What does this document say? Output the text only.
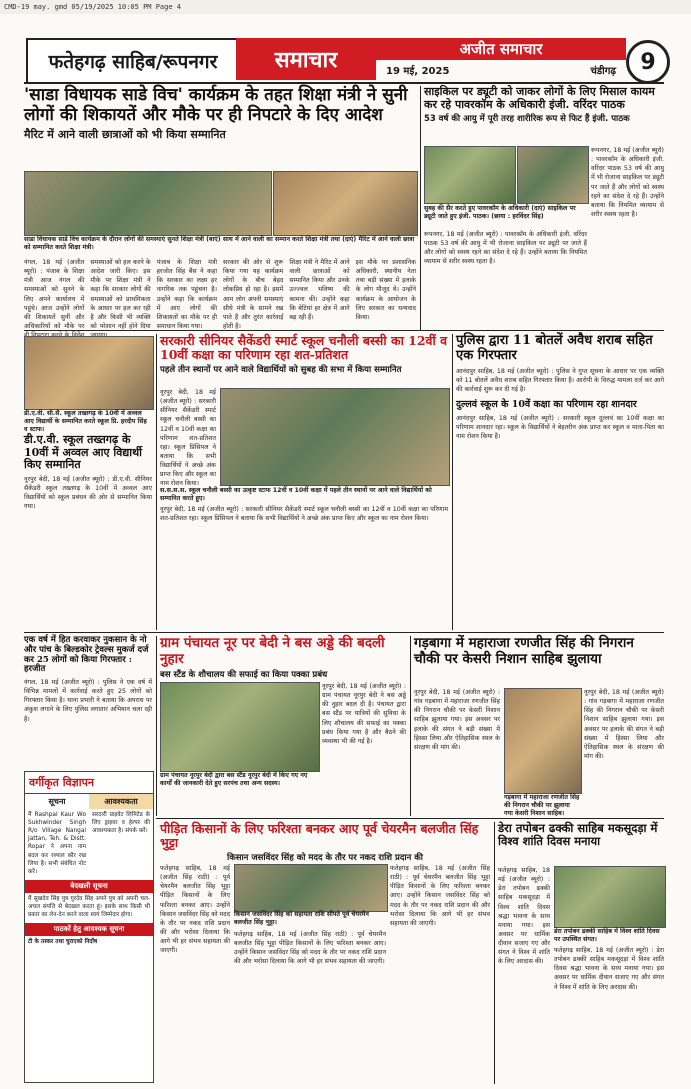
CMD-19 may. gmd 05/19/2025 10:05 PM Page 4
फतेहगढ़ साहिब/रूपनगर	समाचार	अजीत समाचार
19 मई, 2025	चंडीगढ़	9
'साडा विधायक साडे विच' कार्यक्रम के तहत शिक्षा मंत्री ने सुनी लोगों की शिकायतें और मौके पर ही निपटारे के दिए आदेश
मैरिट में आने वाली छात्राओं को भी किया सम्मानित
साडा विधायक साडे विच कार्यक्रम के दौरान लोगों की समस्याएं सुनते शिक्षा मंत्री (बाएं) साथ में आने वाली का सम्मान करते शिक्षा मंत्री तथा (दाएं) मैरिट में आने वाली छात्रा को सम्मानित करते शिक्षा मंत्री।
नंगल, 18 मई (अजीत ब्यूरो) : पंजाब के शिक्षा मंत्री आज नंगल की समस्याओं को सुनने के लिए अपने कार्यालय में पहुंचे। आज उन्होंने लोगों की शिकायतें सुनीं और अधिकारियों को मौके पर
समस्याओं को हल करने के आदेश जारी किए। इस मौके पर शिक्षा मंत्री ने कहा कि सरकार लोगों की समस्याओं को प्राथमिकता के आधार पर हल कर रही है और किसी भी व्यक्ति को परेशान नहीं होने दिया
पंजाब के शिक्षा मंत्री हरजोत सिंह बैंस ने कहा कि सरकार का लक्ष्य हर नागरिक तक पहुंचना है। उन्होंने कहा कि कार्यक्रम में आए लोगों की शिकायतों का मौके पर ही समाधान किया गया।
सरकार की ओर से शुरू किया गया यह कार्यक्रम लोगों के बीच बेहद लोकप्रिय हो रहा है। इसमें आम लोग अपनी समस्याएं सीधे मंत्री के सामने रख पाते हैं और तुरंत कार्रवाई होती है।
शिक्षा मंत्री ने मैरिट में आने वाली छात्राओं को सम्मानित किया और उनके उज्ज्वल भविष्य की कामना की। उन्होंने कहा कि बेटियां हर क्षेत्र में आगे बढ़ रही हैं।
इस मौके पर प्रशासनिक अधिकारी, स्थानीय नेता तथा बड़ी संख्या में इलाके के लोग मौजूद थे। उन्होंने कार्यक्रम के आयोजन के लिए सरकार का धन्यवाद किया।
साइकिल पर ड्यूटी को जाकर लोगों के लिए मिसाल कायम कर रहे पावरकॉम के अधिकारी इंजी. वरिंदर पाठक
53 वर्ष की आयु में पूरी तरह शारीरिक रूप से फिट हैं इंजी. पाठक
सुबह की सैर करते हुए पावरकॉम के अधिकारी (दाएं) साइकिल पर ड्यूटी जाते हुए इंजी. पाठक। (छाया : हरविंदर सिंह)
रूपनगर, 18 मई (अजीत ब्यूरो) : पावरकॉम के अधिकारी इंजी. वरिंदर पाठक 53 वर्ष की आयु में भी रोजाना साइकिल पर ड्यूटी पर जाते हैं और लोगों को स्वस्थ रहने का संदेश दे रहे हैं। उन्होंने बताया कि नियमित व्यायाम से शरीर स्वस्थ रहता है।
रूपनगर, 18 मई (अजीत ब्यूरो) : पावरकॉम के अधिकारी इंजी. वरिंदर पाठक 53 वर्ष की आयु में भी रोजाना साइकिल पर ड्यूटी पर जाते हैं और लोगों को स्वस्थ रहने का संदेश दे रहे हैं। उन्होंने बताया कि नियमित व्यायाम से शरीर स्वस्थ रहता है।
डी.ए.वी. सी.सै. स्कूल तख्तगढ़ के 10वीं में अव्वल आए विद्यार्थी के सम्मानित करते स्कूल प्रि. हरदीप सिंह व स्टाफ।
डी.ए.वी. स्कूल तख्तगढ़ के 10वीं में अव्वल आए विद्यार्थी किए सम्मानित
नूरपुर बेदी, 18 मई (अजीत ब्यूरो) : डी.ए.वी. सीनियर सैकेंडरी स्कूल तख्तगढ़ के 10वीं में अव्वल आए विद्यार्थियों को स्कूल प्रबंधन की ओर से सम्मानित किया गया।
सरकारी सीनियर सैकेंडरी स्मार्ट स्कूल चनौली बस्सी का 12वीं व 10वीं कक्षा का परिणाम रहा शत-प्रतिशत
पहले तीन स्थानों पर आने वाले विद्यार्थियों को सुबह की सभा में किया सम्मानित
नूरपुर बेदी, 18 मई (अजीत ब्यूरो) : सरकारी सीनियर सैकेंडरी स्मार्ट स्कूल चनौली बस्सी का 12वीं व 10वीं कक्षा का परिणाम शत-प्रतिशत रहा। स्कूल प्रिंसिपल ने बताया कि सभी विद्यार्थियों ने अच्छे अंक प्राप्त किए और स्कूल का नाम रोशन किया।
स.स.स.स. स्कूल चनौली बस्सी का उत्कृष्ट स्टाफ 12वीं व 10वीं कक्षा में पहले तीन स्थानों पर आने वाले विद्यार्थियों को सम्मानित करते हुए।
नूरपुर बेदी, 18 मई (अजीत ब्यूरो) : सरकारी सीनियर सैकेंडरी स्मार्ट स्कूल चनौली बस्सी का 12वीं व 10वीं कक्षा का परिणाम शत-प्रतिशत रहा। स्कूल प्रिंसिपल ने बताया कि सभी विद्यार्थियों ने अच्छे अंक प्राप्त किए और स्कूल का नाम रोशन किया।
पुलिस द्वारा 11 बोतलें अवैध शराब सहित एक गिरफ्तार
आनंदपुर साहिब, 18 मई (अजीत ब्यूरो) : पुलिस ने गुप्त सूचना के आधार पर एक व्यक्ति को 11 बोतलें अवैध शराब सहित गिरफ्तार किया है। आरोपी के विरुद्ध मामला दर्ज कर आगे की कार्रवाई शुरू कर दी गई है।
दुल्लवं स्कूल के 10वें कक्षा का परिणाम रहा शानदार
आनंदपुर साहिब, 18 मई (अजीत ब्यूरो) : सरकारी स्कूल दुल्लवं का 10वीं कक्षा का परिणाम शानदार रहा। स्कूल के विद्यार्थियों ने बेहतरीन अंक प्राप्त कर स्कूल व माता-पिता का नाम रोशन किया है।
एक वर्ष में हित करवाकर नुकसान के नो और पांच के बिल्डकोर ट्रेवल्स मुकर्ज दर्ज कर 25 लोगों को किया गिरफ्तार : हरजीत
नंगल, 18 मई (अजीत ब्यूरो) : पुलिस ने एक वर्ष में विभिन्न मामलों में कार्रवाई करते हुए 25 लोगों को गिरफ्तार किया है। थाना प्रभारी ने बताया कि अपराध पर अंकुश लगाने के लिए पुलिस लगातार अभियान चला रही है।
ग्राम पंचायत नूर पर बेदी ने बस अड्डे की बदली नुहार
बस स्टैंड के शौचालय की सफाई का किया पक्का प्रबंध
ग्राम पंचायत नूरपुर बेदी द्वारा बस स्टैंड नूरपुर बेदी में किए गए नए कार्यों की जानकारी देते हुए सरपंच तथा अन्य सदस्य।
नूरपुर बेदी, 18 मई (अजीत ब्यूरो) : ग्राम पंचायत नूरपुर बेदी ने बस अड्डे की नुहार बदल दी है। पंचायत द्वारा बस स्टैंड पर यात्रियों की सुविधा के लिए शौचालय की सफाई का पक्का प्रबंध किया गया है और बैठने की व्यवस्था भी की गई है।
गड़बागा में महाराजा रणजीत सिंह की निगरान चौकी पर केसरी निशान साहिब झुलाया
नूरपुर बेदी, 18 मई (अजीत ब्यूरो) : गांव गड़बागा में महाराजा रणजीत सिंह की निगरान चौकी पर केसरी निशान साहिब झुलाया गया। इस अवसर पर इलाके की संगत ने बड़ी संख्या में हिस्सा लिया और ऐतिहासिक स्थल के संरक्षण की मांग की।
गड़बागा में महाराजा रणजीत सिंह की निगरान चौकी पर झुलाया गया केसरी निशान साहिब।
नूरपुर बेदी, 18 मई (अजीत ब्यूरो) : गांव गड़बागा में महाराजा रणजीत सिंह की निगरान चौकी पर केसरी निशान साहिब झुलाया गया। इस अवसर पर इलाके की संगत ने बड़ी संख्या में हिस्सा लिया और ऐतिहासिक स्थल के संरक्षण की मांग की।
पीड़ित किसानों के लिए फरिश्ता बनकर आए पूर्व चेयरमैन बलजीत सिंह भुट्टा
किसान जसविंदर सिंह को मदद के तौर पर नकद राशि प्रदान की
फतेहगढ़ साहिब, 18 मई (अजीत सिंह राठी) : पूर्व चेयरमैन बलजीत सिंह भुट्टा पीड़ित किसानों के लिए फरिश्ता बनकर आए। उन्होंने किसान जसविंदर सिंह को मदद के तौर पर नकद राशि प्रदान की और भरोसा दिलाया कि आगे भी हर संभव सहायता की जाएगी।
किसान जसविंदर सिंह को सहायता राशि सौंपते पूर्व चेयरमैन बलजीत सिंह भुट्टा।
फतेहगढ़ साहिब, 18 मई (अजीत सिंह राठी) : पूर्व चेयरमैन बलजीत सिंह भुट्टा पीड़ित किसानों के लिए फरिश्ता बनकर आए। उन्होंने किसान जसविंदर सिंह को मदद के तौर पर नकद राशि प्रदान की और भरोसा दिलाया कि आगे भी हर संभव सहायता की जाएगी।
फतेहगढ़ साहिब, 18 मई (अजीत सिंह राठी) : पूर्व चेयरमैन बलजीत सिंह भुट्टा पीड़ित किसानों के लिए फरिश्ता बनकर आए। उन्होंने किसान जसविंदर सिंह को मदद के तौर पर नकद राशि प्रदान की और भरोसा दिलाया कि आगे भी हर संभव सहायता की जाएगी।
डेरा तपोबन ढक्की साहिब मकसूदड़ा में विश्व शांति दिवस मनाया
फतेहगढ़ साहिब, 18 मई (अजीत ब्यूरो) : डेरा तपोबन ढक्की साहिब मकसूदड़ा में विश्व शांति दिवस श्रद्धा भावना के साथ मनाया गया। इस अवसर पर धार्मिक दीवान सजाए गए और संगत ने विश्व में शांति के लिए अरदास की।
डेरा तपोबन ढक्की साहिब में विश्व शांति दिवस पर उपस्थित संगत।
फतेहगढ़ साहिब, 18 मई (अजीत ब्यूरो) : डेरा तपोबन ढक्की साहिब मकसूदड़ा में विश्व शांति दिवस श्रद्धा भावना के साथ मनाया गया। इस अवसर पर धार्मिक दीवान सजाए गए और संगत ने विश्व में शांति के लिए अरदास की।
वर्गीकृत विज्ञापन
सूचना	आवश्यकता
मैं Rashpal Kaur Wo Sukhwinder Singh R/o Village Nangal Jattan, Teh. & Distt. Ropar ने अपना नाम बदल कर रश्पाल कौर रख लिया है। सभी संबंधित नोट करें।
सरदारी प्राइवेट लिमिटेड के लिए ड्राइवर व हेल्पर की आवश्यकता है। संपर्क करें।
बेदखली सूचना
मैं सुखदेव सिंह पुत्र गुरदेव सिंह अपने पुत्र को अपनी चल-अचल संपत्ति से बेदखल करता हूं। इसके साथ किसी भी प्रकार का लेन-देन करने वाला स्वयं जिम्मेदार होगा।
पाठकों हेतु आवश्यक सूचना
टी के तस्कर तथा चुराएको निर्दोष
